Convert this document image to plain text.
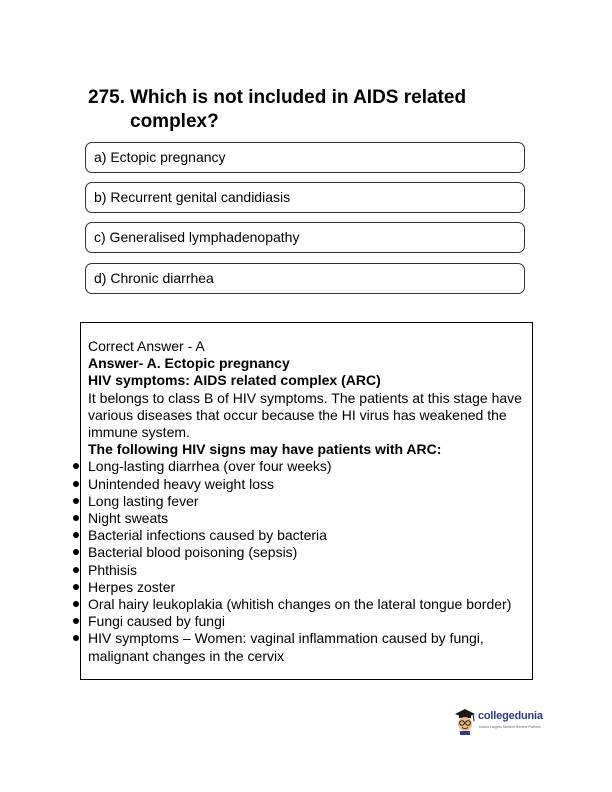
275. Which is not included in AIDS related
complex?
a) Ectopic pregnancy
b) Recurrent genital candidiasis
c) Generalised lymphadenopathy
d) Chronic diarrhea
Correct Answer - A
Answer- A. Ectopic pregnancy
HIV symptoms: AIDS related complex (ARC)
It belongs to class B of HIV symptoms. The patients at this stage have various diseases that occur because the HI virus has weakened the immune system.
The following HIV signs may have patients with ARC:
Long-lasting diarrhea (over four weeks)
Unintended heavy weight loss
Long lasting fever
Night sweats
Bacterial infections caused by bacteria
Bacterial blood poisoning (sepsis)
Phthisis
Herpes zoster
Oral hairy leukoplakia (whitish changes on the lateral tongue border)
Fungi caused by fungi
HIV symptoms – Women: vaginal inflammation caused by fungi, malignant changes in the cervix
collegedunia
India's Largest Student Review Platform
